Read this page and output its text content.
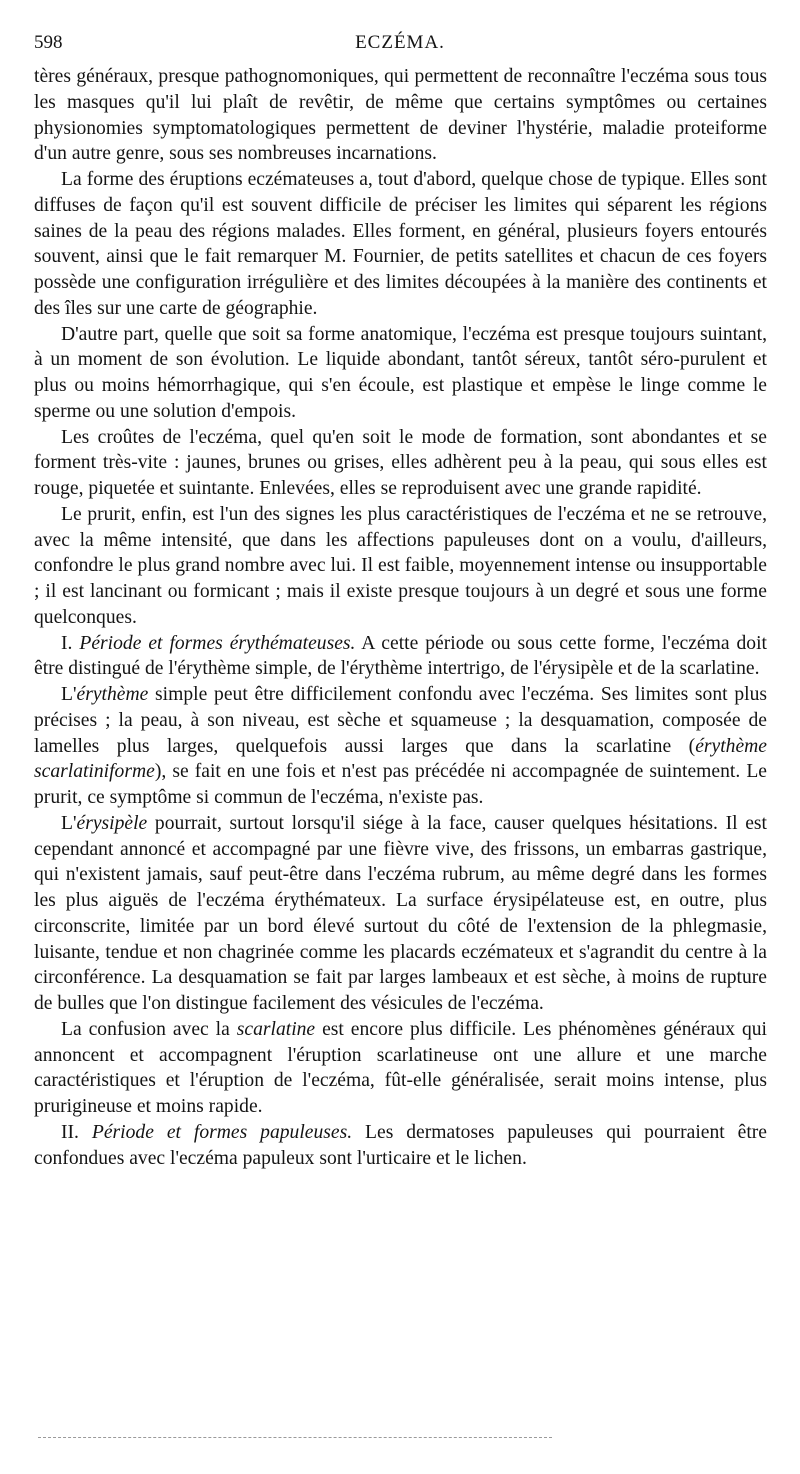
598	ECZÉMA.

tères généraux, presque pathognomoniques, qui permettent de reconnaître l'eczéma sous tous les masques qu'il lui plaît de revêtir, de même que certains symptômes ou certaines physionomies symptomatologiques permettent de deviner l'hystérie, maladie proteiforme d'un autre genre, sous ses nombreuses incarnations.

La forme des éruptions eczémateuses a, tout d'abord, quelque chose de typique. Elles sont diffuses de façon qu'il est souvent difficile de préciser les limites qui séparent les régions saines de la peau des régions malades. Elles forment, en général, plusieurs foyers entourés souvent, ainsi que le fait remarquer M. Fournier, de petits satellites et chacun de ces foyers possède une configuration irrégulière et des limites découpées à la manière des continents et des îles sur une carte de géographie.

D'autre part, quelle que soit sa forme anatomique, l'eczéma est presque toujours suintant, à un moment de son évolution. Le liquide abondant, tantôt séreux, tantôt séro-purulent et plus ou moins hémorrhagique, qui s'en écoule, est plastique et empèse le linge comme le sperme ou une solution d'empois.

Les croûtes de l'eczéma, quel qu'en soit le mode de formation, sont abondantes et se forment très-vite : jaunes, brunes ou grises, elles adhèrent peu à la peau, qui sous elles est rouge, piquetée et suintante. Enlevées, elles se reproduisent avec une grande rapidité.

Le prurit, enfin, est l'un des signes les plus caractéristiques de l'eczéma et ne se retrouve, avec la même intensité, que dans les affections papuleuses dont on a voulu, d'ailleurs, confondre le plus grand nombre avec lui. Il est faible, moyennement intense ou insupportable ; il est lancinant ou formicant ; mais il existe presque toujours à un degré et sous une forme quelconques.

I. Période et formes érythémateuses. A cette période ou sous cette forme, l'eczéma doit être distingué de l'érythème simple, de l'érythème intertrigo, de l'érysipèle et de la scarlatine.

L'érythème simple peut être difficilement confondu avec l'eczéma. Ses limites sont plus précises ; la peau, à son niveau, est sèche et squameuse ; la desquamation, composée de lamelles plus larges, quelquefois aussi larges que dans la scarlatine (érythème scarlatiniforme), se fait en une fois et n'est pas précédée ni accompagnée de suintement. Le prurit, ce symptôme si commun de l'eczéma, n'existe pas.

L'érysipèle pourrait, surtout lorsqu'il siége à la face, causer quelques hésitations. Il est cependant annoncé et accompagné par une fièvre vive, des frissons, un embarras gastrique, qui n'existent jamais, sauf peut-être dans l'eczéma rubrum, au même degré dans les formes les plus aiguës de l'eczéma érythémateux. La surface érysipélateuse est, en outre, plus circonscrite, limitée par un bord élevé surtout du côté de l'extension de la phlegmasie, luisante, tendue et non chagrinée comme les placards eczémateux et s'agrandit du centre à la circonférence. La desquamation se fait par larges lambeaux et est sèche, à moins de rupture de bulles que l'on distingue facilement des vésicules de l'eczéma.

La confusion avec la scarlatine est encore plus difficile. Les phénomènes généraux qui annoncent et accompagnent l'éruption scarlatineuse ont une allure et une marche caractéristiques et l'éruption de l'eczéma, fût-elle généralisée, serait moins intense, plus prurigineuse et moins rapide.

II. Période et formes papuleuses. Les dermatoses papuleuses qui pourraient être confondues avec l'eczéma papuleux sont l'urticaire et le lichen.
